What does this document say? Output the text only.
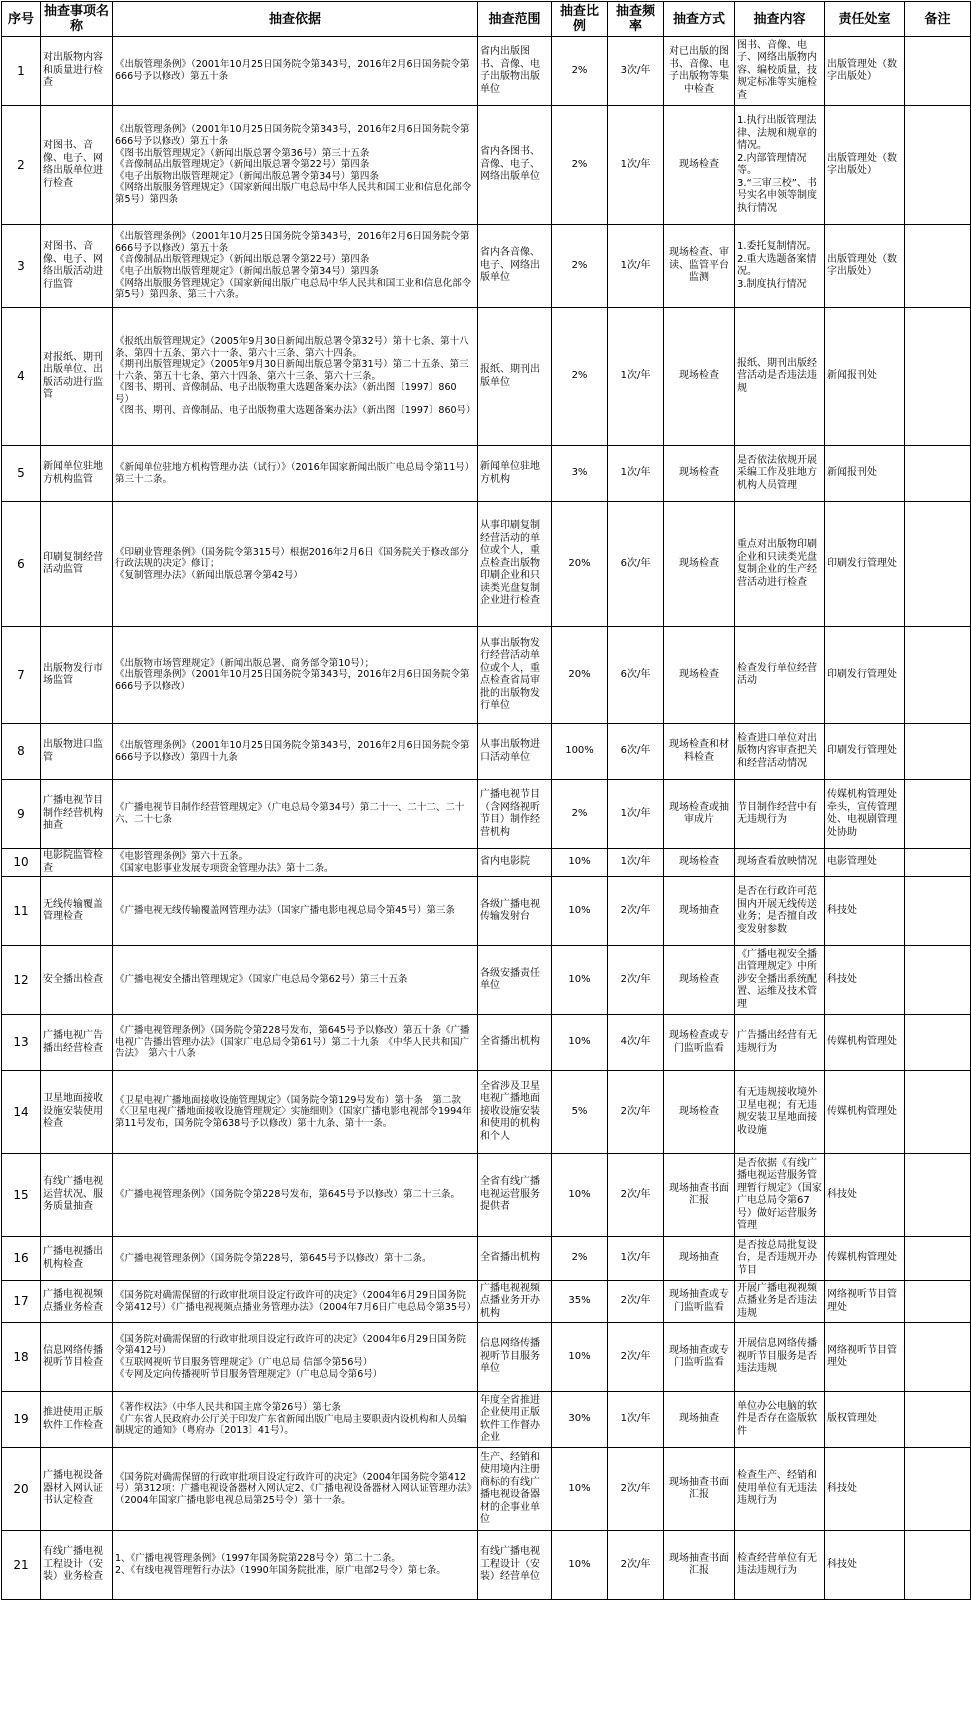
序号	抽查事项名称	抽查依据	抽查范围	抽查比例	抽查频率	抽查方式	抽查内容	责任处室	备注
1	对出版物内容和质量进行检查	《出版管理条例》（2001年10月25日国务院令第343号，2016年2月6日国务院令第666号予以修改）第五十条	省内出版图书、音像、电子出版物出版单位	2%	3次/年	对已出版的图书、音像、电子出版物等集中检查	图书、音像、电子、网络出版物内容、编校质量，技规定标准等实施检查	出版管理处（数字出版处）	
2	对图书、音像、电子、网络出版单位进行检查	《出版管理条例》（2001年10月25日国务院令第343号，2016年2月6日国务院令第666号予以修改）第五十条
《图书出版管理规定》（新闻出版总署令第36号）第三十五条
《音像制品出版管理规定》（新闻出版总署令第22号）第四条
《电子出版物出版管理规定》（新闻出版总署令第34号）第四条
《网络出版服务管理规定》（国家新闻出版广电总局中华人民共和国工业和信息化部令第5号）第四条	省内各图书、音像、电子、网络出版单位	2%	1次/年	现场检查	1.执行出版管理法律、法规和规章的情况。
2.内部管理情况等。
3.“三审三校”、书号实名申领等制度执行情况	出版管理处（数字出版处）	
3	对图书、音像、电子、网络出版活动进行监管	《出版管理条例》（2001年10月25日国务院令第343号，2016年2月6日国务院令第666号予以修改）第五十条
《音像制品出版管理规定》（新闻出版总署令第22号）第四条
《电子出版物出版管理规定》（新闻出版总署令第34号）第四条
《网络出版服务管理规定》（国家新闻出版广电总局中华人民共和国工业和信息化部令第5号）第四条、第三十六条。	省内各音像、电子、网络出版单位	2%	1次/年	现场检查、审读、监管平台监测	1.委托复制情况。
2.重大选题备案情况。
3.制度执行情况	出版管理处（数字出版处）	
4	对报纸、期刊出版单位、出版活动进行监管	《报纸出版管理规定》（2005年9月30日新闻出版总署令第32号）第十七条、第十八条、第四十五条、第六十一条、第六十三条、第六十四条。
《期刊出版管理规定》（2005年9月30日新闻出版总署令第31号）第二十五条、第三十六条、第五十七条、第六十四条、第六十三条、第六十三条。
《图书、期刊、音像制品、电子出版物重大选题备案办法》（新出图〔1997〕860号）
《图书、期刊、音像制品、电子出版物重大选题备案办法》（新出图〔1997〕860号）	报纸、期刊出版单位	2%	1次/年	现场检查	报纸、期刊出版经营活动是否违法违规	新闻报刊处	
5	新闻单位驻地方机构监管	《新闻单位驻地方机构管理办法（试行）》（2016年国家新闻出版广电总局令第11号）第三十二条。	新闻单位驻地方机构	3%	1次/年	现场检查	是否依法依规开展采编工作及驻地方机构人员管理	新闻报刊处	
6	印刷复制经营活动监管	《印刷业管理条例》（国务院令第315号）根据2016年2月6日《国务院关于修改部分行政法规的决定》修订；
《复制管理办法》（新闻出版总署令第42号）	从事印刷复制经营活动的单位或个人，重点检查出版物印刷企业和只读类光盘复制企业进行检查	20%	6次/年	现场检查	重点对出版物印刷企业和只读类光盘复制企业的生产经营活动进行检查	印刷发行管理处	
7	出版物发行市场监管	《出版物市场管理规定》（新闻出版总署、商务部令第10号）；
《出版管理条例》（2001年10月25日国务院令第343号，2016年2月6日国务院令第666号予以修改）	从事出版物发行经营活动单位或个人，重点检查省局审批的出版物发行单位	20%	6次/年	现场检查	检查发行单位经营活动	印刷发行管理处	
8	出版物进口监管	《出版管理条例》（2001年10月25日国务院令第343号，2016年2月6日国务院令第666号予以修改）第四十九条	从事出版物进口活动单位	100%	6次/年	现场检查和材料检查	检查进口单位对出版物内容审查把关和经营活动情况	印刷发行管理处	
9	广播电视节目制作经营机构抽查	《广播电视节目制作经营管理规定》（广电总局令第34号）第二十一、二十二、二十六、二十七条	广播电视节目（含网络视听节目）制作经营机构	2%	1次/年	现场检查或抽审成片	节目制作经营中有无违规行为	传媒机构管理处牵头，宣传管理处、电视剧管理处协助	
10	电影院监管检查	《电影管理条例》第六十五条。
《国家电影事业发展专项资金管理办法》第十二条。	省内电影院	10%	1次/年	现场检查	现场查看放映情况	电影管理处	
11	无线传输覆盖管理检查	《广播电视无线传输覆盖网管理办法》（国家广播电影电视总局令第45号）第三条	各级广播电视传输发射台	10%	2次/年	现场抽查	是否在行政许可范围内开展无线传送业务；是否擅自改变发射参数	科技处	
12	安全播出检查	《广播电视安全播出管理规定》（国家广电总局令第62号）第三十五条	各级安播责任单位	10%	2次/年	现场检查	《广播电视安全播出管理规定》中所涉安全播出系统配置、运维及技术管理	科技处	
13	广播电视广告播出经营检查	《广播电视管理条例》（国务院令第228号发布，第645号予以修改）第五十条《广播电视广告播出管理办法》（国家广电总局令第61号）第二十九条　《中华人民共和国广告法》　第六十八条	全省播出机构	10%	4次/年	现场检查或专门监听监看	广告播出经营有无违规行为	传媒机构管理处	
14	卫星地面接收设施安装使用检查	《卫星电视广播地面接收设施管理规定》（国务院令第129号发布）第十条　第二款
《〈卫星电视广播地面接收设施管理规定〉实施细则》（国家广播电影电视部令1994年第11号发布，国务院令第638号予以修改）第十九条、第十一条。	全省涉及卫星电视广播地面接收设施安装和使用的机构和个人	5%	2次/年	现场检查	有无违规接收境外卫星电视；有无违规安装卫星地面接收设施	传媒机构管理处	
15	有线广播电视运营状况、服务质量抽查	《广播电视管理条例》（国务院令第228号发布，第645号予以修改）第二十三条。	全省有线广播电视运营服务提供者	10%	2次/年	现场抽查书面汇报	是否依据《有线广播电视运营服务管理暂行规定》（国家广电总局令第67号）做好运营服务管理	科技处	
16	广播电视播出机构检查	《广播电视管理条例》（国务院令第228号，第645号予以修改）第十二条。	全省播出机构	2%	1次/年	现场抽查	是否按总局批复设台，是否违规开办节目	传媒机构管理处	
17	广播电视视频点播业务检查	《国务院对确需保留的行政审批项目设定行政许可的决定》（2004年6月29日国务院令第412号）《广播电视视频点播业务管理办法》（2004年7月6日广电总局令第35号）	广播电视视频点播业务开办机构	35%	2次/年	现场抽查或专门监听监看	开展广播电视视频点播业务是否违法违规	网络视听节目管理处	
18	信息网络传播视听节目检查	《国务院对确需保留的行政审批项目设定行政许可的决定》（2004年6月29日国务院令第412号）
《互联网视听节目服务管理规定》（广电总局 信部令第56号）
《专网及定向传播视听节目服务管理规定》（广电总局令第6号）	信息网络传播视听节目服务单位	10%	2次/年	现场抽查或专门监听监看	开展信息网络传播视听节目服务是否违法违规	网络视听节目管理处	
19	推进使用正版软件工作检查	《著作权法》（中华人民共和国主席令第26号）第七条
《广东省人民政府办公厅关于印发广东省新闻出版广电局主要职责内设机构和人员编制规定的通知》（粤府办〔2013〕41号）。	年度全省推进企业使用正版软件工作督办企业	30%	1次/年	现场抽查	单位办公电脑的软件是否存在盗版软件	版权管理处	
20	广播电视设备器材入网认证书认定检查	《国务院对确需保留的行政审批项目设定行政许可的决定》（2004年国务院令第412号）第312项：广播电视设备器材入网认定2、《广播电视设备器材入网认证管理办法》（2004年国家广播电影电视总局第25号令）第十一条。	生产、经销和使用境内注册商标的有线广播电视设备器材的企事业单位	10%	2次/年	现场抽查书面汇报	检查生产、经销和使用单位有无违法违规行为	科技处	
21	有线广播电视工程设计（安装）业务检查	1、《广播电视管理条例》（1997年国务院第228号令）第二十二条。
2、《有线电视管理暂行办法》（1990年国务院批准，原广电部2号令）第七条。	有线广播电视工程设计（安装）经营单位	10%	2次/年	现场抽查书面汇报	检查经营单位有无违法违规行为	科技处	
